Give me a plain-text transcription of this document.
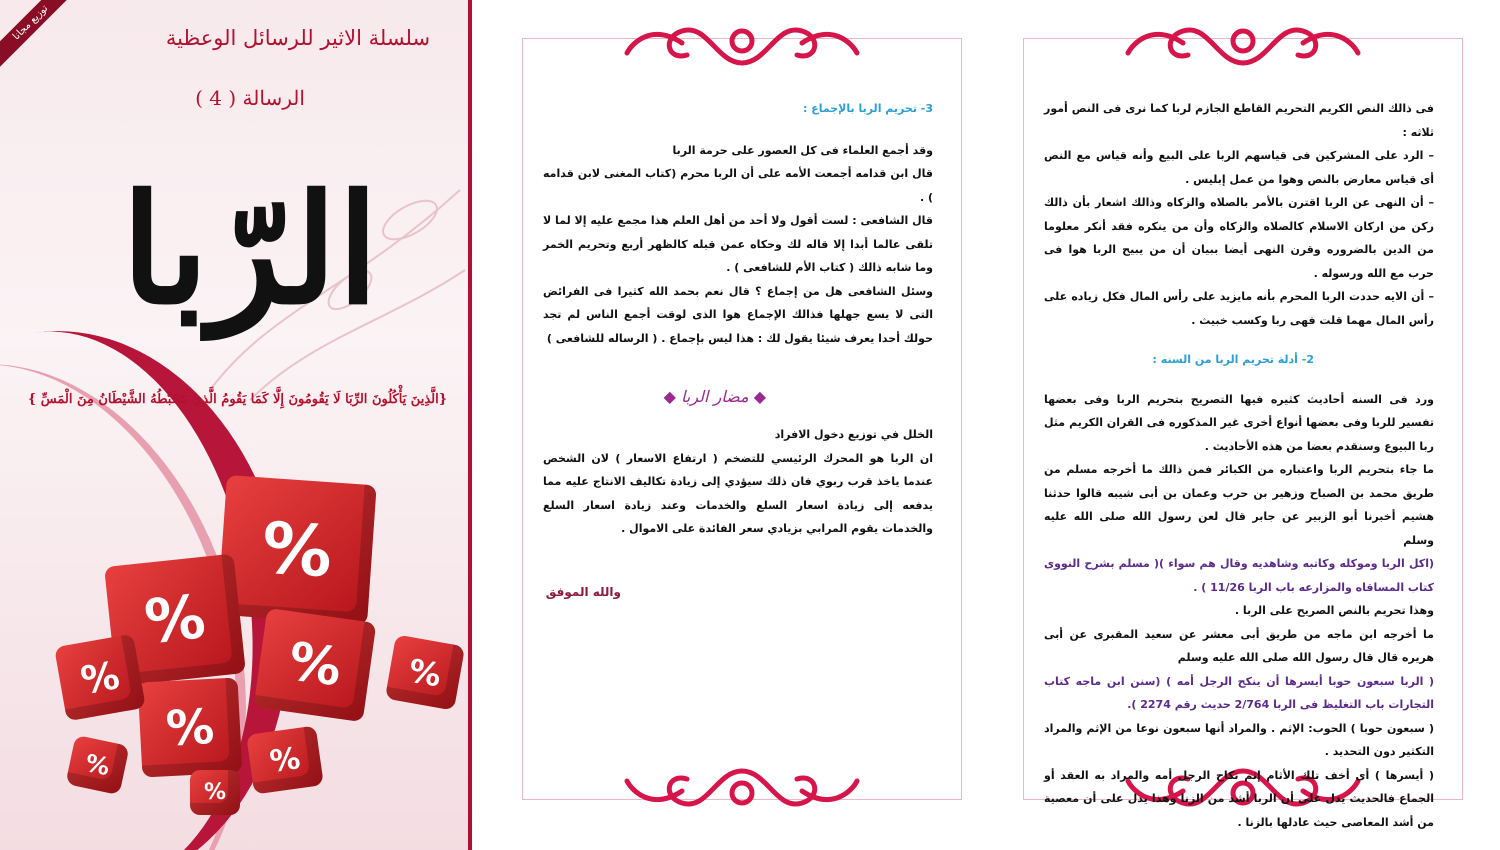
توزيع مجانا	سلسلة الاثير للرسائل الوعظية
الرسالة ( 4 )
الرّبا
{الَّذِينَ يَأْكُلُونَ الرِّبَا لَا يَقُومُونَ إِلَّا كَمَا يَقُومُ الَّذِي يَتَخَبَّطُهُ الشَّيْطَانُ مِنَ الْمَسِّ }
%
%
%
%
%	%
%
%
%

3- تحريم الربا بالإجماع :

وقد أجمع العلماء فى كل العصور على حرمة الربا

قال ابن قدامه أجمعت الأمه على أن الربا محرم (كتاب المغنى لابن قدامه ) .

قال الشافعى : لست أقول ولا أحد من أهل العلم هذا مجمع عليه إلا لما لا تلقى عالما أبدا إلا قاله لك وحكاه عمن قبله كالظهر أربع وتحريم الخمر وما شابه ذالك ( كتاب الأم للشافعى ) .

وسئل الشافعى هل من إجماع ؟ قال نعم بحمد الله كثيرا فى الفرائض التى لا يسع جهلها فذالك الإجماع هوا الذى لوقت أجمع الناس لم تجد حولك أحدا يعرف شيئا يقول لك : هذا ليس بإجماع . ( الرساله للشافعى )

◆ مضار الربا ◆

الخلل في توزيع دخول الافراد

ان الربا هو المحرك الرئيسي للتضخم ( ارتفاع الاسعار ) لان الشخص عندما ياخذ قرب ربوي فان ذلك سيؤدي إلى زيادة تكاليف الانتاج عليه مما يدفعه إلى زيادة اسعار السلع والخدمات وعند زيادة اسعار السلع والخدمات يقوم المرابي بزيادي سعر الفائدة على الاموال .

والله الموفق

فى ذالك النص الكريم التحريم القاطع الجازم لربا كما نرى فى النص أمور ثلاثه :

– الرد على المشركين فى قياسهم الربا على البيع وأنه قياس مع النص أى قياس معارض بالنص وهوا من عمل إبليس .

– أن النهى عن الربا اقترن بالأمر بالصلاه والزكاه وذالك اشعار بأن ذالك ركن من اركان الاسلام كالصلاه والزكاه وأن من ينكره فقد أنكر معلوما من الدين بالضروره وقرن النهى أيضا ببيان أن من يبيح الربا هوا فى حرب مع الله ورسوله .

– أن الايه حددت الربا المحرم بأنه مايزيد على رأس المال فكل زياده على رأس المال مهما قلت فهى ربا وكسب خبيث .

2- أدلة تحريم الربا من السنه :

ورد فى السنه أحاديث كثيره فيها التصريح بتحريم الربا وفى بعضها تفسير للربا وفى بعضها أنواع أخرى غير المذكوره فى القران الكريم مثل ربا البيوع وسنقدم بعضا من هذه الأحاديث .

ما جاء بتحريم الربا واعتباره من الكبائر فمن ذالك ما أخرجه مسلم من طريق محمد بن الصباح وزهير بن حرب وعمان بن أبى شيبه قالوا حدثنا هشيم أخبرنا أبو الزبير عن جابر قال لعن رسول الله صلى الله عليه وسلم

(اكل الربا وموكله وكاتبه وشاهديه وقال هم سواء )( مسلم بشرح النووى كتاب المساقاه والمزارعه باب الربا 11/26 ) .

وهذا تحريم بالنص الصريح على الربا .

ما أخرجه ابن ماجه من طريق أبى معشر عن سعيد المقبرى عن أبى هريره قال قال رسول الله صلى الله عليه وسلم

( الربا سبعون حوبا أيسرها أن ينكح الرجل أمه ) (سنن ابن ماجه كتاب التجارات باب التغليظ فى الربا 2/764 حديث رقم 2274 ).

( سبعون حوبا ) الحوب: الإثم . والمراد أنها سبعون نوعا من الإثم والمراد التكثير دون التحديد .

( أيسرها ) أى أخف تلك الأثام إثم نكاح الرجل أمه والمراد به العقد أو الجماع فالحديث يدل على أن الربا أشد من الزنا وهذا يدل على أن معصية من أشد المعاصى حيث عادلها بالزنا .
